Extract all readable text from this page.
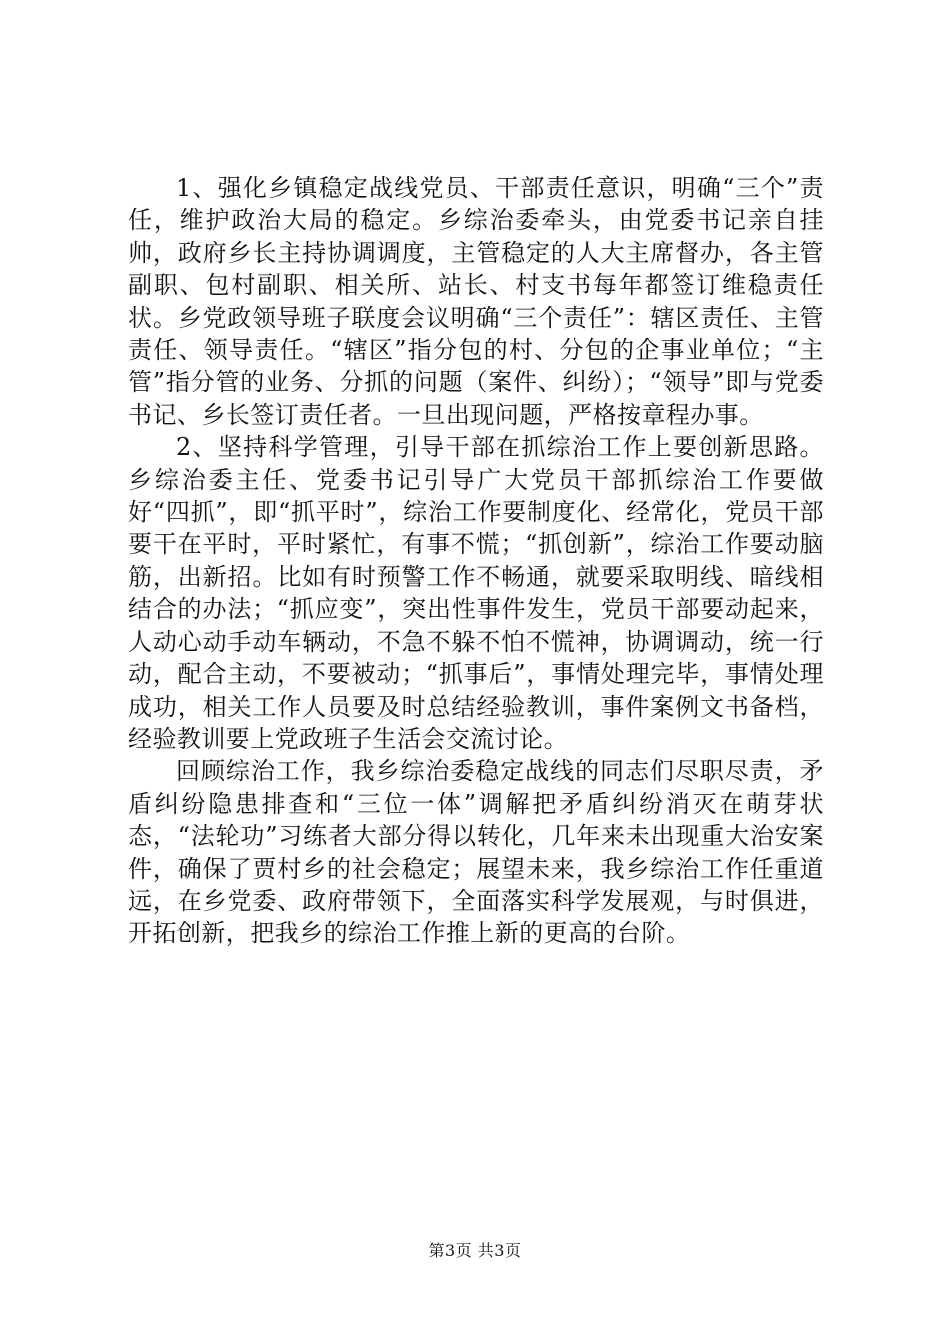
1、强化乡镇稳定战线党员、干部责任意识，明确“三个”责任，维护政治大局的稳定。乡综治委牵头，由党委书记亲自挂帅，政府乡长主持协调调度，主管稳定的人大主席督办，各主管副职、包村副职、相关所、站长、村支书每年都签订维稳责任状。乡党政领导班子联度会议明确“三个责任”：辖区责任、主管责任、领导责任。“辖区”指分包的村、分包的企事业单位；“主管”指分管的业务、分抓的问题（案件、纠纷）；“领导”即与党委书记、乡长签订责任者。一旦出现问题，严格按章程办事。

2、坚持科学管理，引导干部在抓综治工作上要创新思路。乡综治委主任、党委书记引导广大党员干部抓综治工作要做好“四抓”，即“抓平时”，综治工作要制度化、经常化，党员干部要干在平时，平时紧忙，有事不慌；“抓创新”，综治工作要动脑筋，出新招。比如有时预警工作不畅通，就要采取明线、暗线相结合的办法；“抓应变”，突出性事件发生，党员干部要动起来，人动心动手动车辆动，不急不躲不怕不慌神，协调调动，统一行动，配合主动，不要被动；“抓事后”，事情处理完毕，事情处理成功，相关工作人员要及时总结经验教训，事件案例文书备档，经验教训要上党政班子生活会交流讨论。

回顾综治工作，我乡综治委稳定战线的同志们尽职尽责，矛盾纠纷隐患排查和“三位一体”调解把矛盾纠纷消灭在萌芽状态，“法轮功”习练者大部分得以转化，几年来未出现重大治安案件，确保了贾村乡的社会稳定；展望未来，我乡综治工作任重道远，在乡党委、政府带领下，全面落实科学发展观，与时俱进，开拓创新，把我乡的综治工作推上新的更高的台阶。

第3页 共3页
